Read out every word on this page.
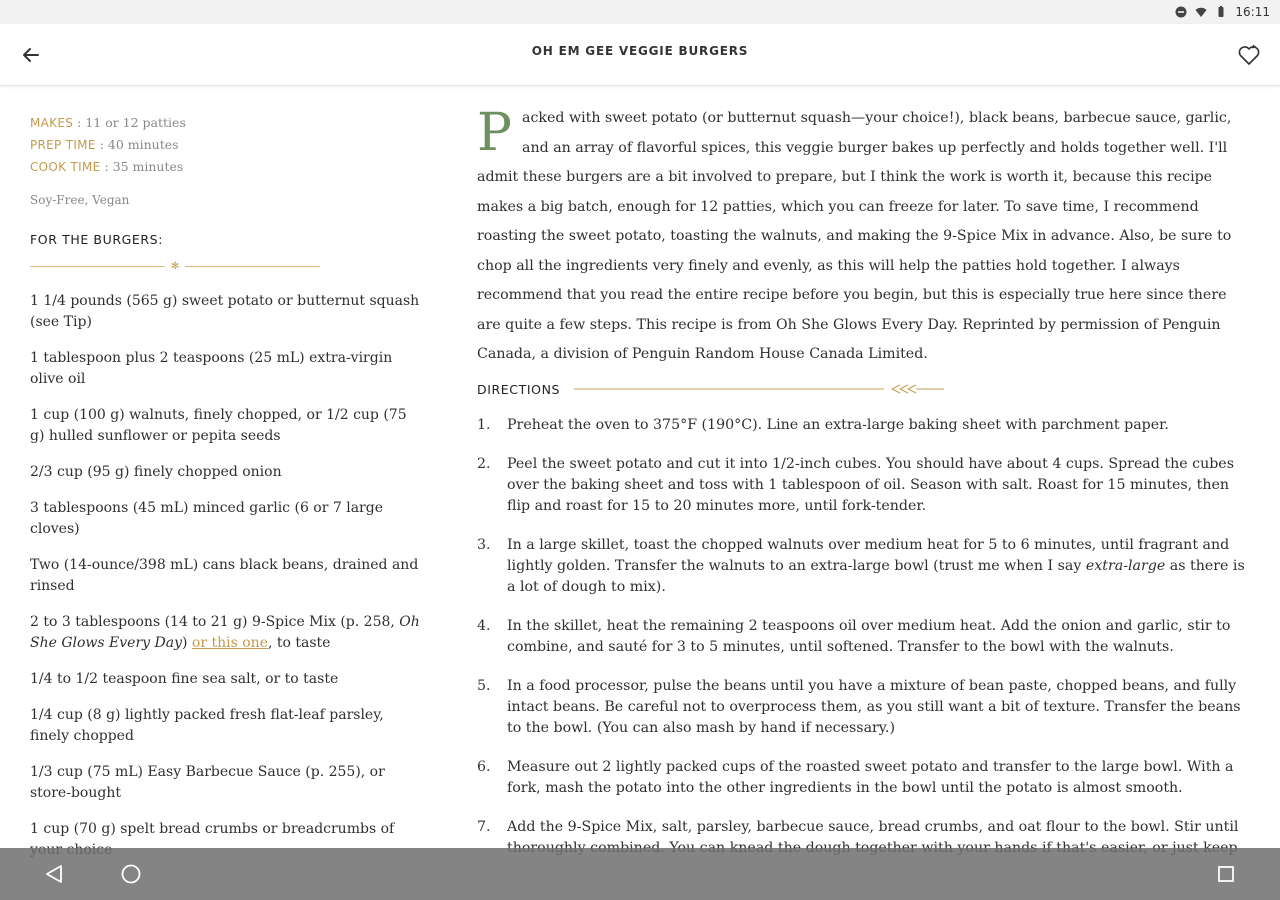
16:11
OH EM GEE VEGGIE BURGERS
MAKES : 11 or 12 patties
PREP TIME : 40 minutes
COOK TIME : 35 minutes
Soy-Free, Vegan
FOR THE BURGERS:
✻
1 1/4 pounds (565 g) sweet potato or butternut squash (see Tip)
1 tablespoon plus 2 teaspoons (25 mL) extra-virgin olive oil
1 cup (100 g) walnuts, finely chopped, or 1/2 cup (75 g) hulled sunflower or pepita seeds
2/3 cup (95 g) finely chopped onion
3 tablespoons (45 mL) minced garlic (6 or 7 large cloves)
Two (14-ounce/398 mL) cans black beans, drained and rinsed
2 to 3 tablespoons (14 to 21 g) 9-Spice Mix (p. 258, Oh She Glows Every Day) or this one, to taste
1/4 to 1/2 teaspoon fine sea salt, or to taste
1/4 cup (8 g) lightly packed fresh flat-leaf parsley, finely chopped
1/3 cup (75 mL) Easy Barbecue Sauce (p. 255), or store-bought
1 cup (70 g) spelt bread crumbs or breadcrumbs of
Packed with sweet potato (or butternut squash—your choice!), black beans, barbecue sauce, garlic, and an array of flavorful spices, this veggie burger bakes up perfectly and holds together well. I'll admit these burgers are a bit involved to prepare, but I think the work is worth it, because this recipe makes a big batch, enough for 12 patties, which you can freeze for later. To save time, I recommend roasting the sweet potato, toasting the walnuts, and making the 9-Spice Mix in advance. Also, be sure to chop all the ingredients very finely and evenly, as this will help the patties hold together. I always recommend that you read the entire recipe before you begin, but this is especially true here since there are quite a few steps. This recipe is from Oh She Glows Every Day. Reprinted by permission of Penguin Canada, a division of Penguin Random House Canada Limited.
DIRECTIONS
1.	Preheat the oven to 375°F (190°C). Line an extra-large baking sheet with parchment paper.
2.	Peel the sweet potato and cut it into 1/2-inch cubes. You should have about 4 cups. Spread the cubes over the baking sheet and toss with 1 tablespoon of oil. Season with salt. Roast for 15 minutes, then flip and roast for 15 to 20 minutes more, until fork-tender.
3.	In a large skillet, toast the chopped walnuts over medium heat for 5 to 6 minutes, until fragrant and lightly golden. Transfer the walnuts to an extra-large bowl (trust me when I say extra-large as there is a lot of dough to mix).
4.	In the skillet, heat the remaining 2 teaspoons oil over medium heat. Add the onion and garlic, stir to combine, and sauté for 3 to 5 minutes, until softened. Transfer to the bowl with the walnuts.
5.	In a food processor, pulse the beans until you have a mixture of bean paste, chopped beans, and fully intact beans. Be careful not to overprocess them, as you still want a bit of texture. Transfer the beans to the bowl. (You can also mash by hand if necessary.)
6.	Measure out 2 lightly packed cups of the roasted sweet potato and transfer to the large bowl. With a fork, mash the potato into the other ingredients in the bowl until the potato is almost smooth.
7.	Add the 9-Spice Mix, salt, parsley, barbecue sauce, bread crumbs, and oat flour to the bowl. Stir until
